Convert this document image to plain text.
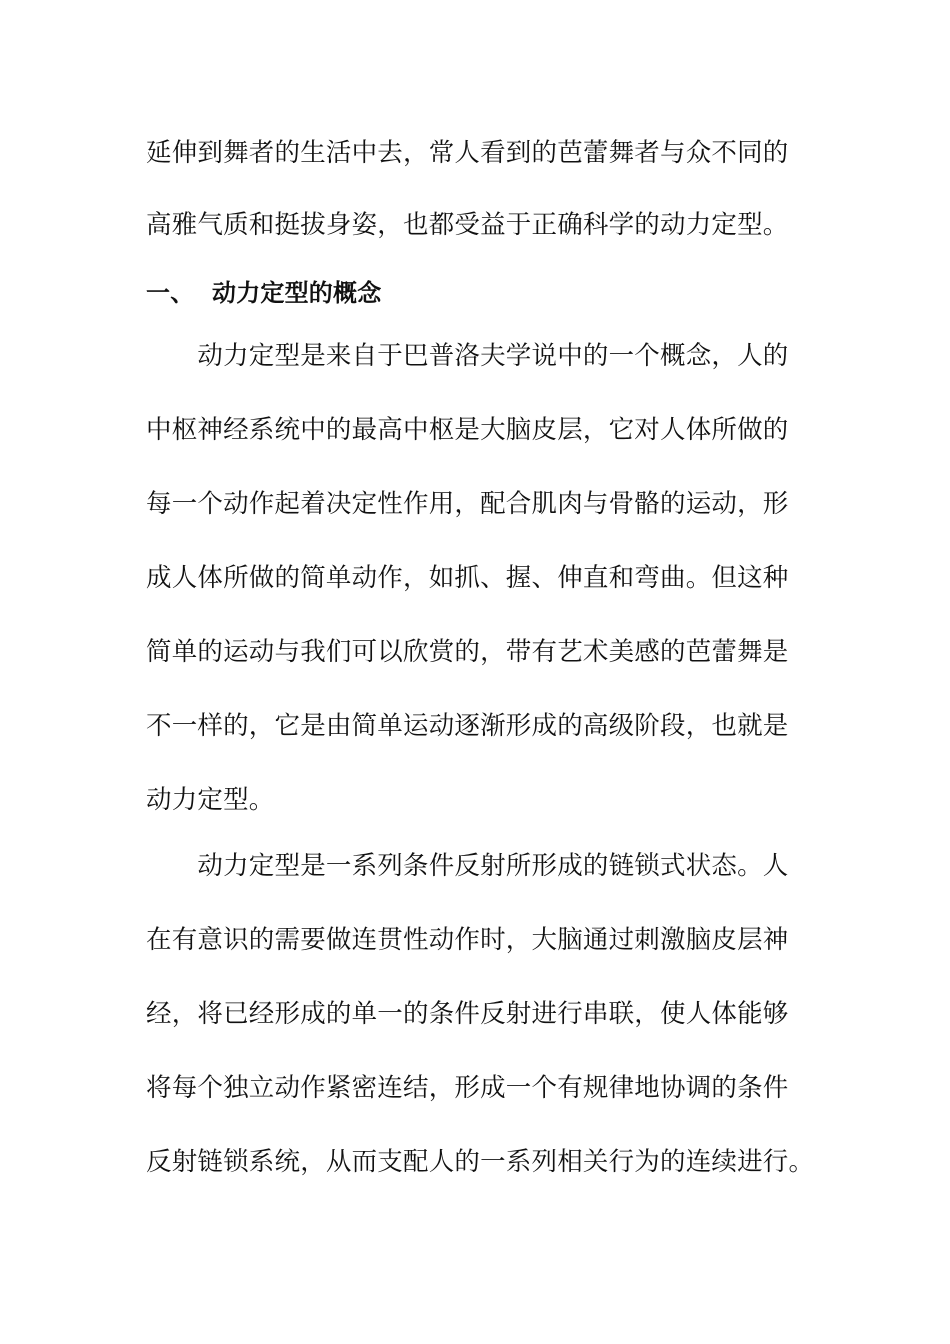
延伸到舞者的生活中去，常人看到的芭蕾舞者与众不同的
高雅气质和挺拔身姿，也都受益于正确科学的动力定型。
一、 动力定型的概念
　　动力定型是来自于巴普洛夫学说中的一个概念，人的
中枢神经系统中的最高中枢是大脑皮层，它对人体所做的
每一个动作起着决定性作用，配合肌肉与骨骼的运动，形
成人体所做的简单动作，如抓、握、伸直和弯曲。但这种
简单的运动与我们可以欣赏的，带有艺术美感的芭蕾舞是
不一样的，它是由简单运动逐渐形成的高级阶段，也就是
动力定型。
　　动力定型是一系列条件反射所形成的链锁式状态。人
在有意识的需要做连贯性动作时，大脑通过刺激脑皮层神
经，将已经形成的单一的条件反射进行串联，使人体能够
将每个独立动作紧密连结，形成一个有规律地协调的条件
反射链锁系统，从而支配人的一系列相关行为的连续进行。
